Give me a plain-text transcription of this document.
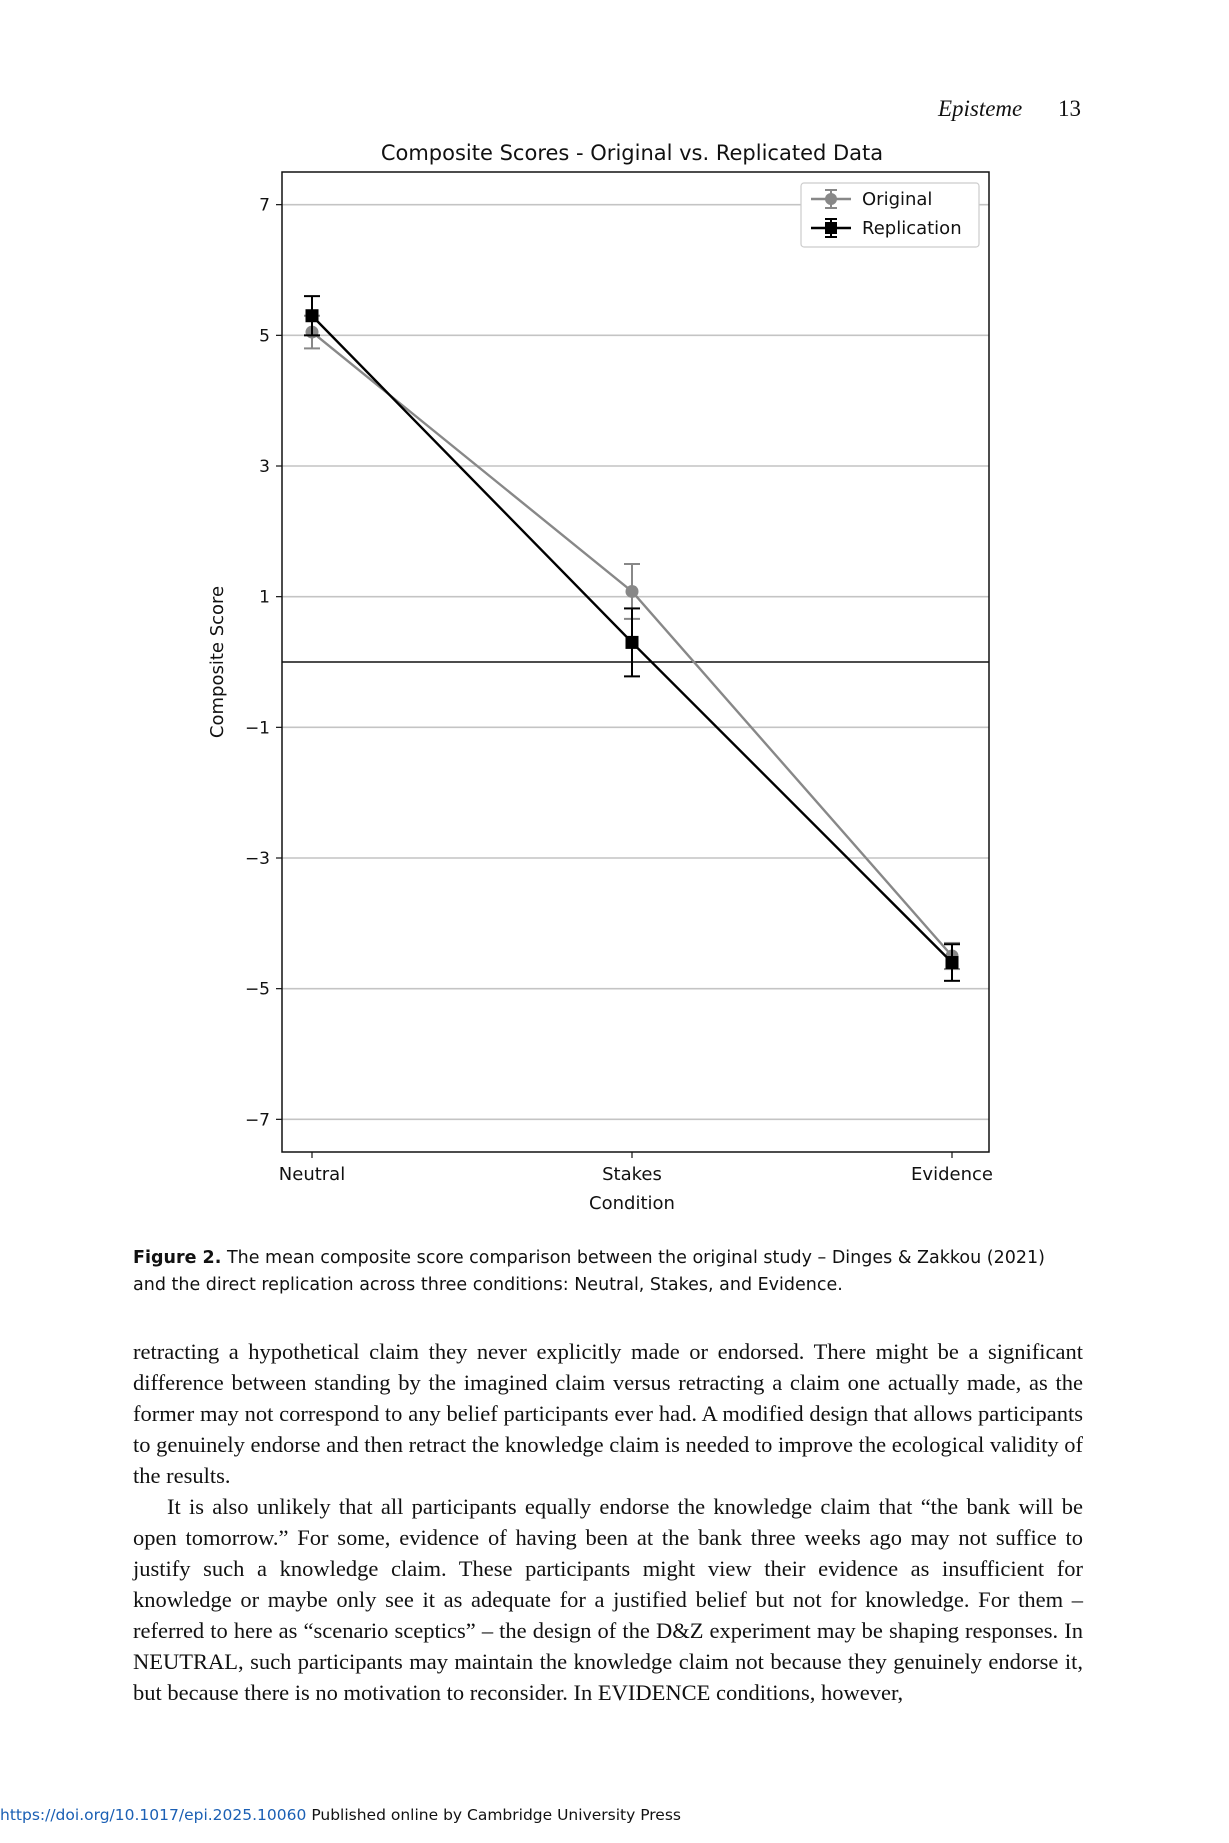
Episteme 13
Composite Scores - Original vs. Replicated Data
7
5
3
1
−1
−3
−5
−7
Neutral	Stakes	Evidence
Condition
Composite Score
Original
Replication
Figure 2. The mean composite score comparison between the original study – Dinges & Zakkou (2021) and the direct replication across three conditions: Neutral, Stakes, and Evidence.

retracting a hypothetical claim they never explicitly made or endorsed. There might be a significant difference between standing by the imagined claim versus retracting a claim one actually made, as the former may not correspond to any belief participants ever had. A modified design that allows participants to genuinely endorse and then retract the knowledge claim is needed to improve the ecological validity of the results.

It is also unlikely that all participants equally endorse the knowledge claim that “the bank will be open tomorrow.” For some, evidence of having been at the bank three weeks ago may not suffice to justify such a knowledge claim. These participants might view their evidence as insufficient for knowledge or maybe only see it as adequate for a justified belief but not for knowledge. For them – referred to here as “scenario sceptics” – the design of the D&Z experiment may be shaping responses. In NEUTRAL, such participants may maintain the knowledge claim not because they genuinely endorse it, but because there is no motivation to reconsider. In EVIDENCE conditions, however,

https://doi.org/10.1017/epi.2025.10060 Published online by Cambridge University Press
